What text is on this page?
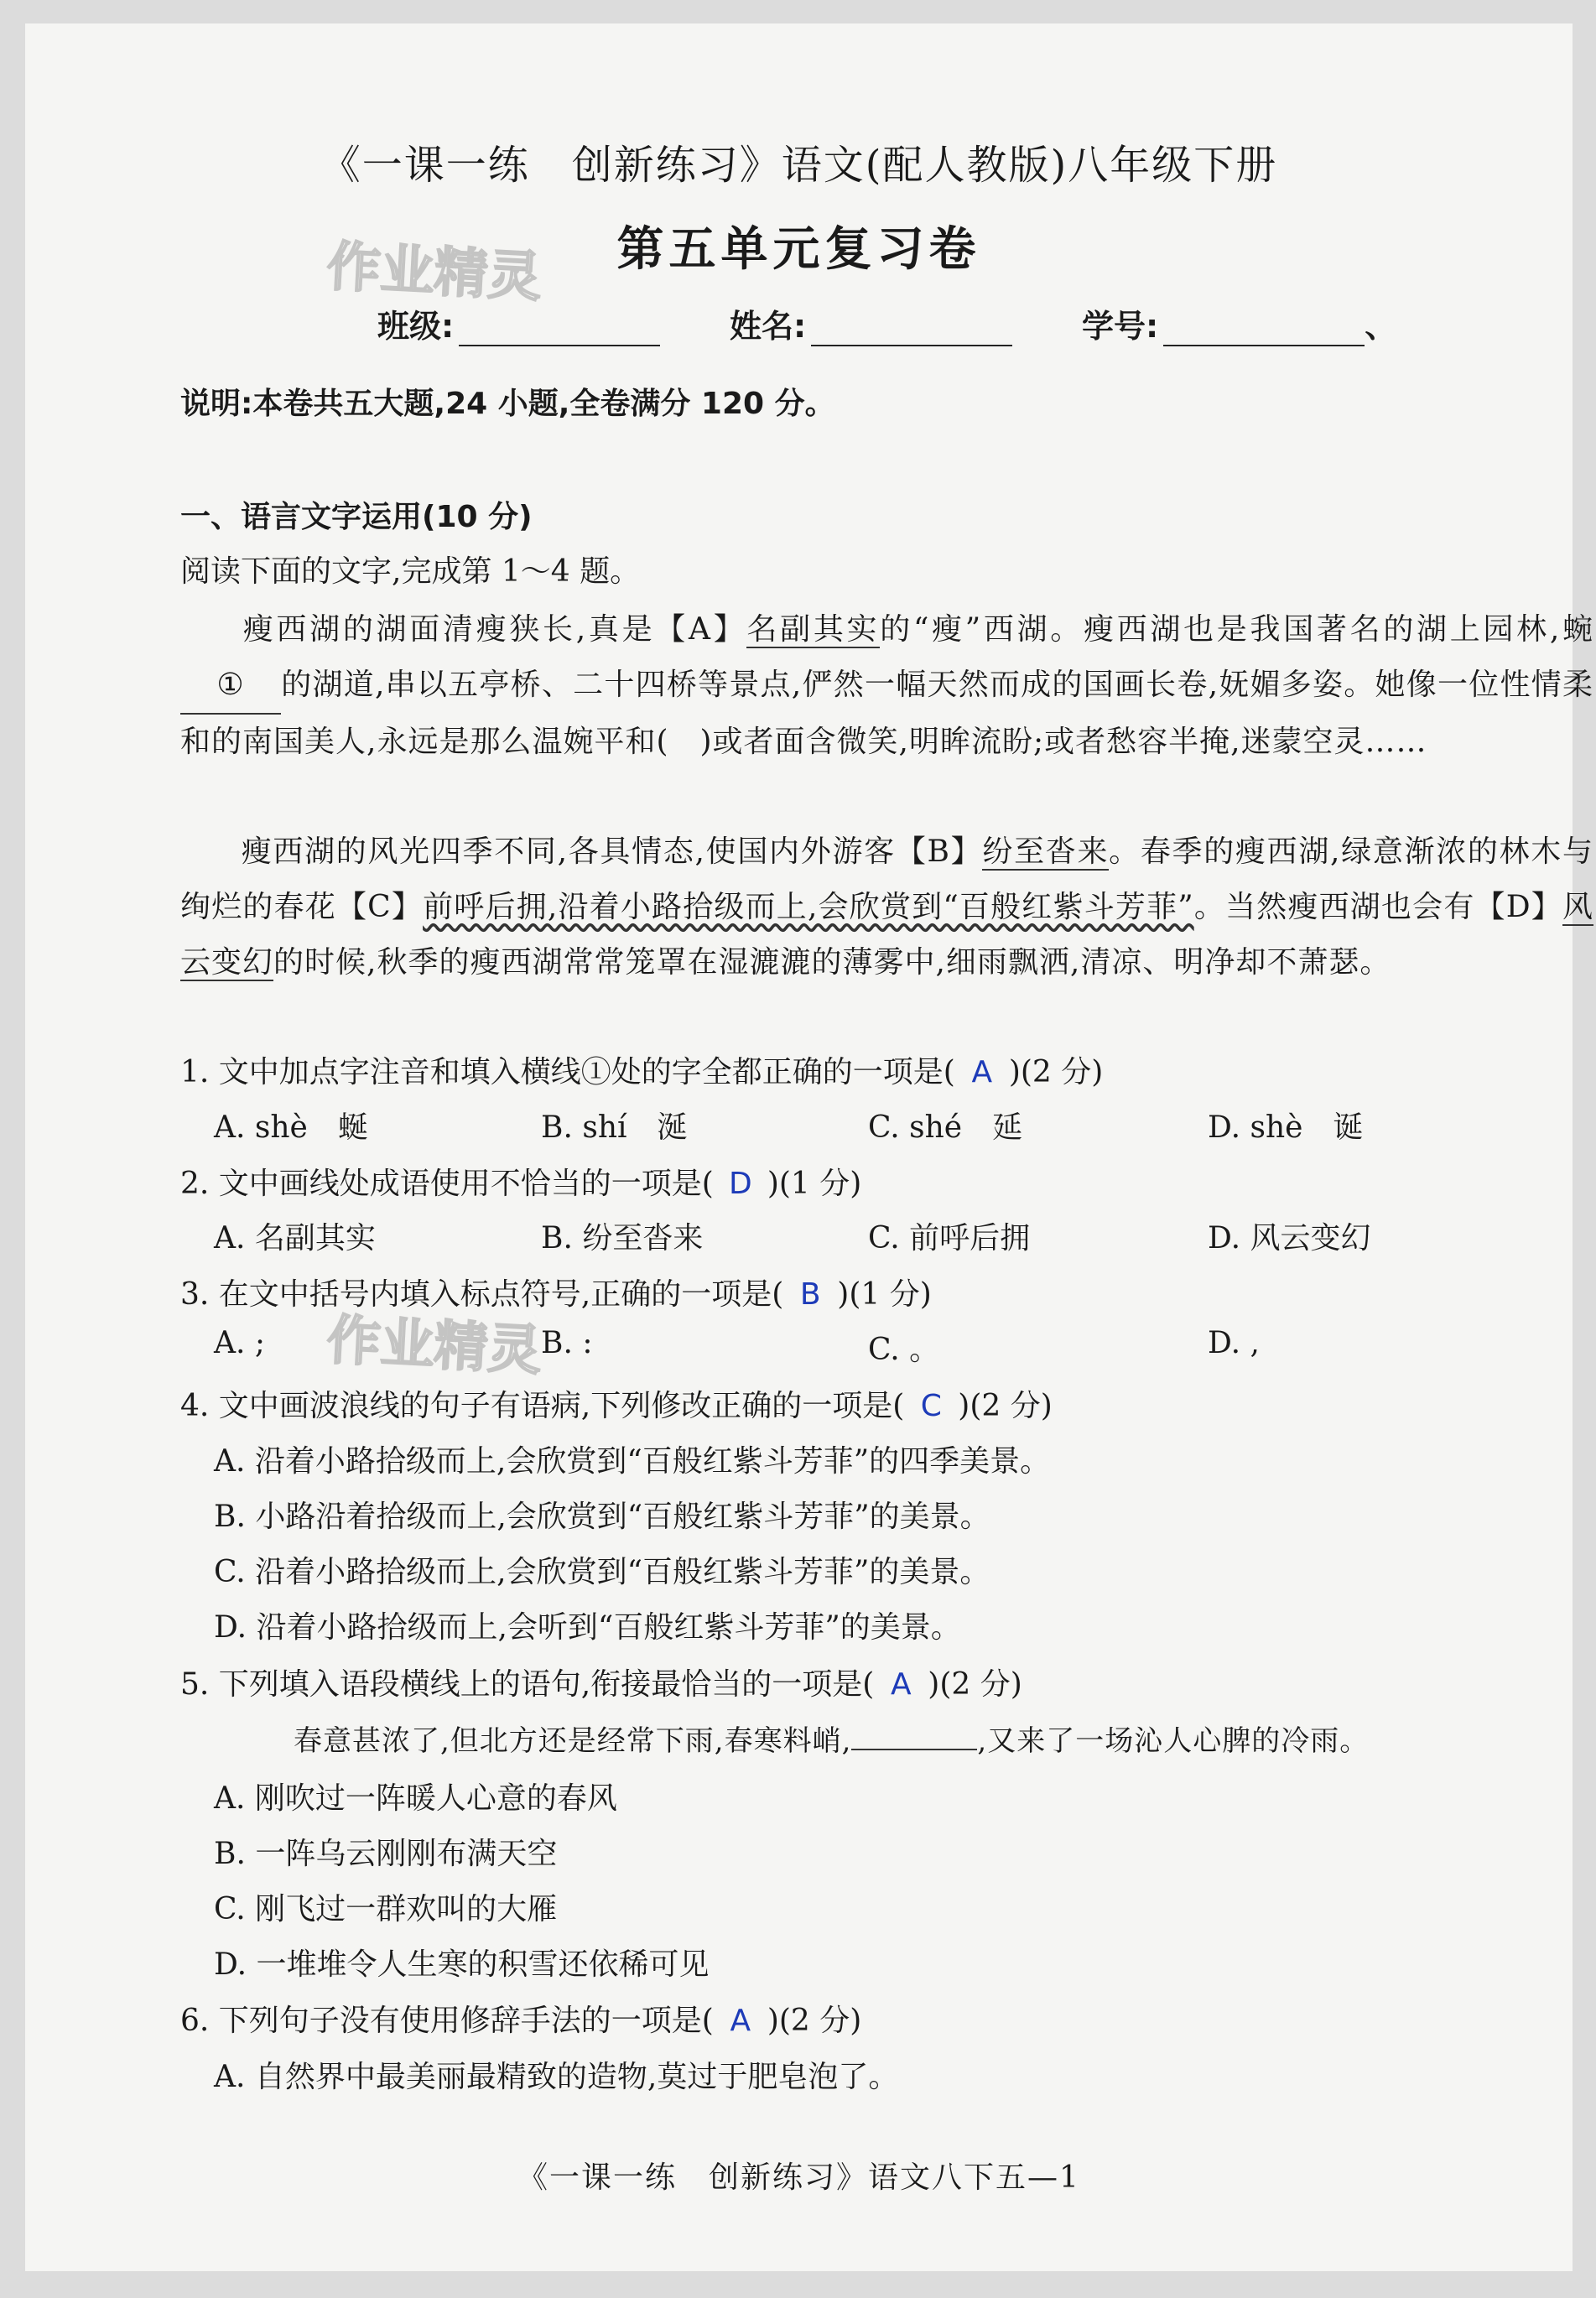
作业精灵
作业精灵
《一课一练　创新练习》语文(配人教版)八年级下册
第五单元复习卷
班级:	姓名:	学号:	、
说明:本卷共五大题,24 小题,全卷满分 120 分。
一、语言文字运用(10 分)
阅读下面的文字,完成第 1～4 题。
瘦西湖的湖面清瘦狭长,真是【A】名副其实的“瘦”西湖。瘦西湖也是我国著名的湖上园林,蜿① 的湖道,串以五亭桥、二十四桥等景点,俨然一幅天然而成的国画长卷,妩媚多姿。她像一位性情柔和的南国美人,永远是那么温婉平和(　)或者面含微笑,明眸流盼;或者愁容半掩,迷蒙空灵……
瘦西湖的风光四季不同,各具情态,使国内外游客【B】纷至沓来。春季的瘦西湖,绿意渐浓的林木与绚烂的春花【C】前呼后拥,沿着小路拾级而上,会欣赏到“百般红紫斗芳菲”。当然瘦西湖也会有【D】风云变幻的时候,秋季的瘦西湖常常笼罩在湿漉漉的薄雾中,细雨飘洒,清凉、明净却不萧瑟。
1. 文中加点字注音和填入横线①处的字全都正确的一项是( A )(2 分)
A. shè　蜒	B. shí　涎	C. shé　延	D. shè　诞
2. 文中画线处成语使用不恰当的一项是( D )(1 分)
A. 名副其实	B. 纷至沓来	C. 前呼后拥	D. 风云变幻
3. 在文中括号内填入标点符号,正确的一项是( B )(1 分)
A. ;	B. :	C. 。	D. ,
4. 文中画波浪线的句子有语病,下列修改正确的一项是( C )(2 分)
A. 沿着小路拾级而上,会欣赏到“百般红紫斗芳菲”的四季美景。
B. 小路沿着拾级而上,会欣赏到“百般红紫斗芳菲”的美景。
C. 沿着小路拾级而上,会欣赏到“百般红紫斗芳菲”的美景。
D. 沿着小路拾级而上,会听到“百般红紫斗芳菲”的美景。
5. 下列填入语段横线上的语句,衔接最恰当的一项是( A )(2 分)
春意甚浓了,但北方还是经常下雨,春寒料峭,	,又来了一场沁人心脾的冷雨。
A. 刚吹过一阵暖人心意的春风
B. 一阵乌云刚刚布满天空
C. 刚飞过一群欢叫的大雁
D. 一堆堆令人生寒的积雪还依稀可见
6. 下列句子没有使用修辞手法的一项是( A )(2 分)
A. 自然界中最美丽最精致的造物,莫过于肥皂泡了。
《一课一练　创新练习》语文八下五—1
